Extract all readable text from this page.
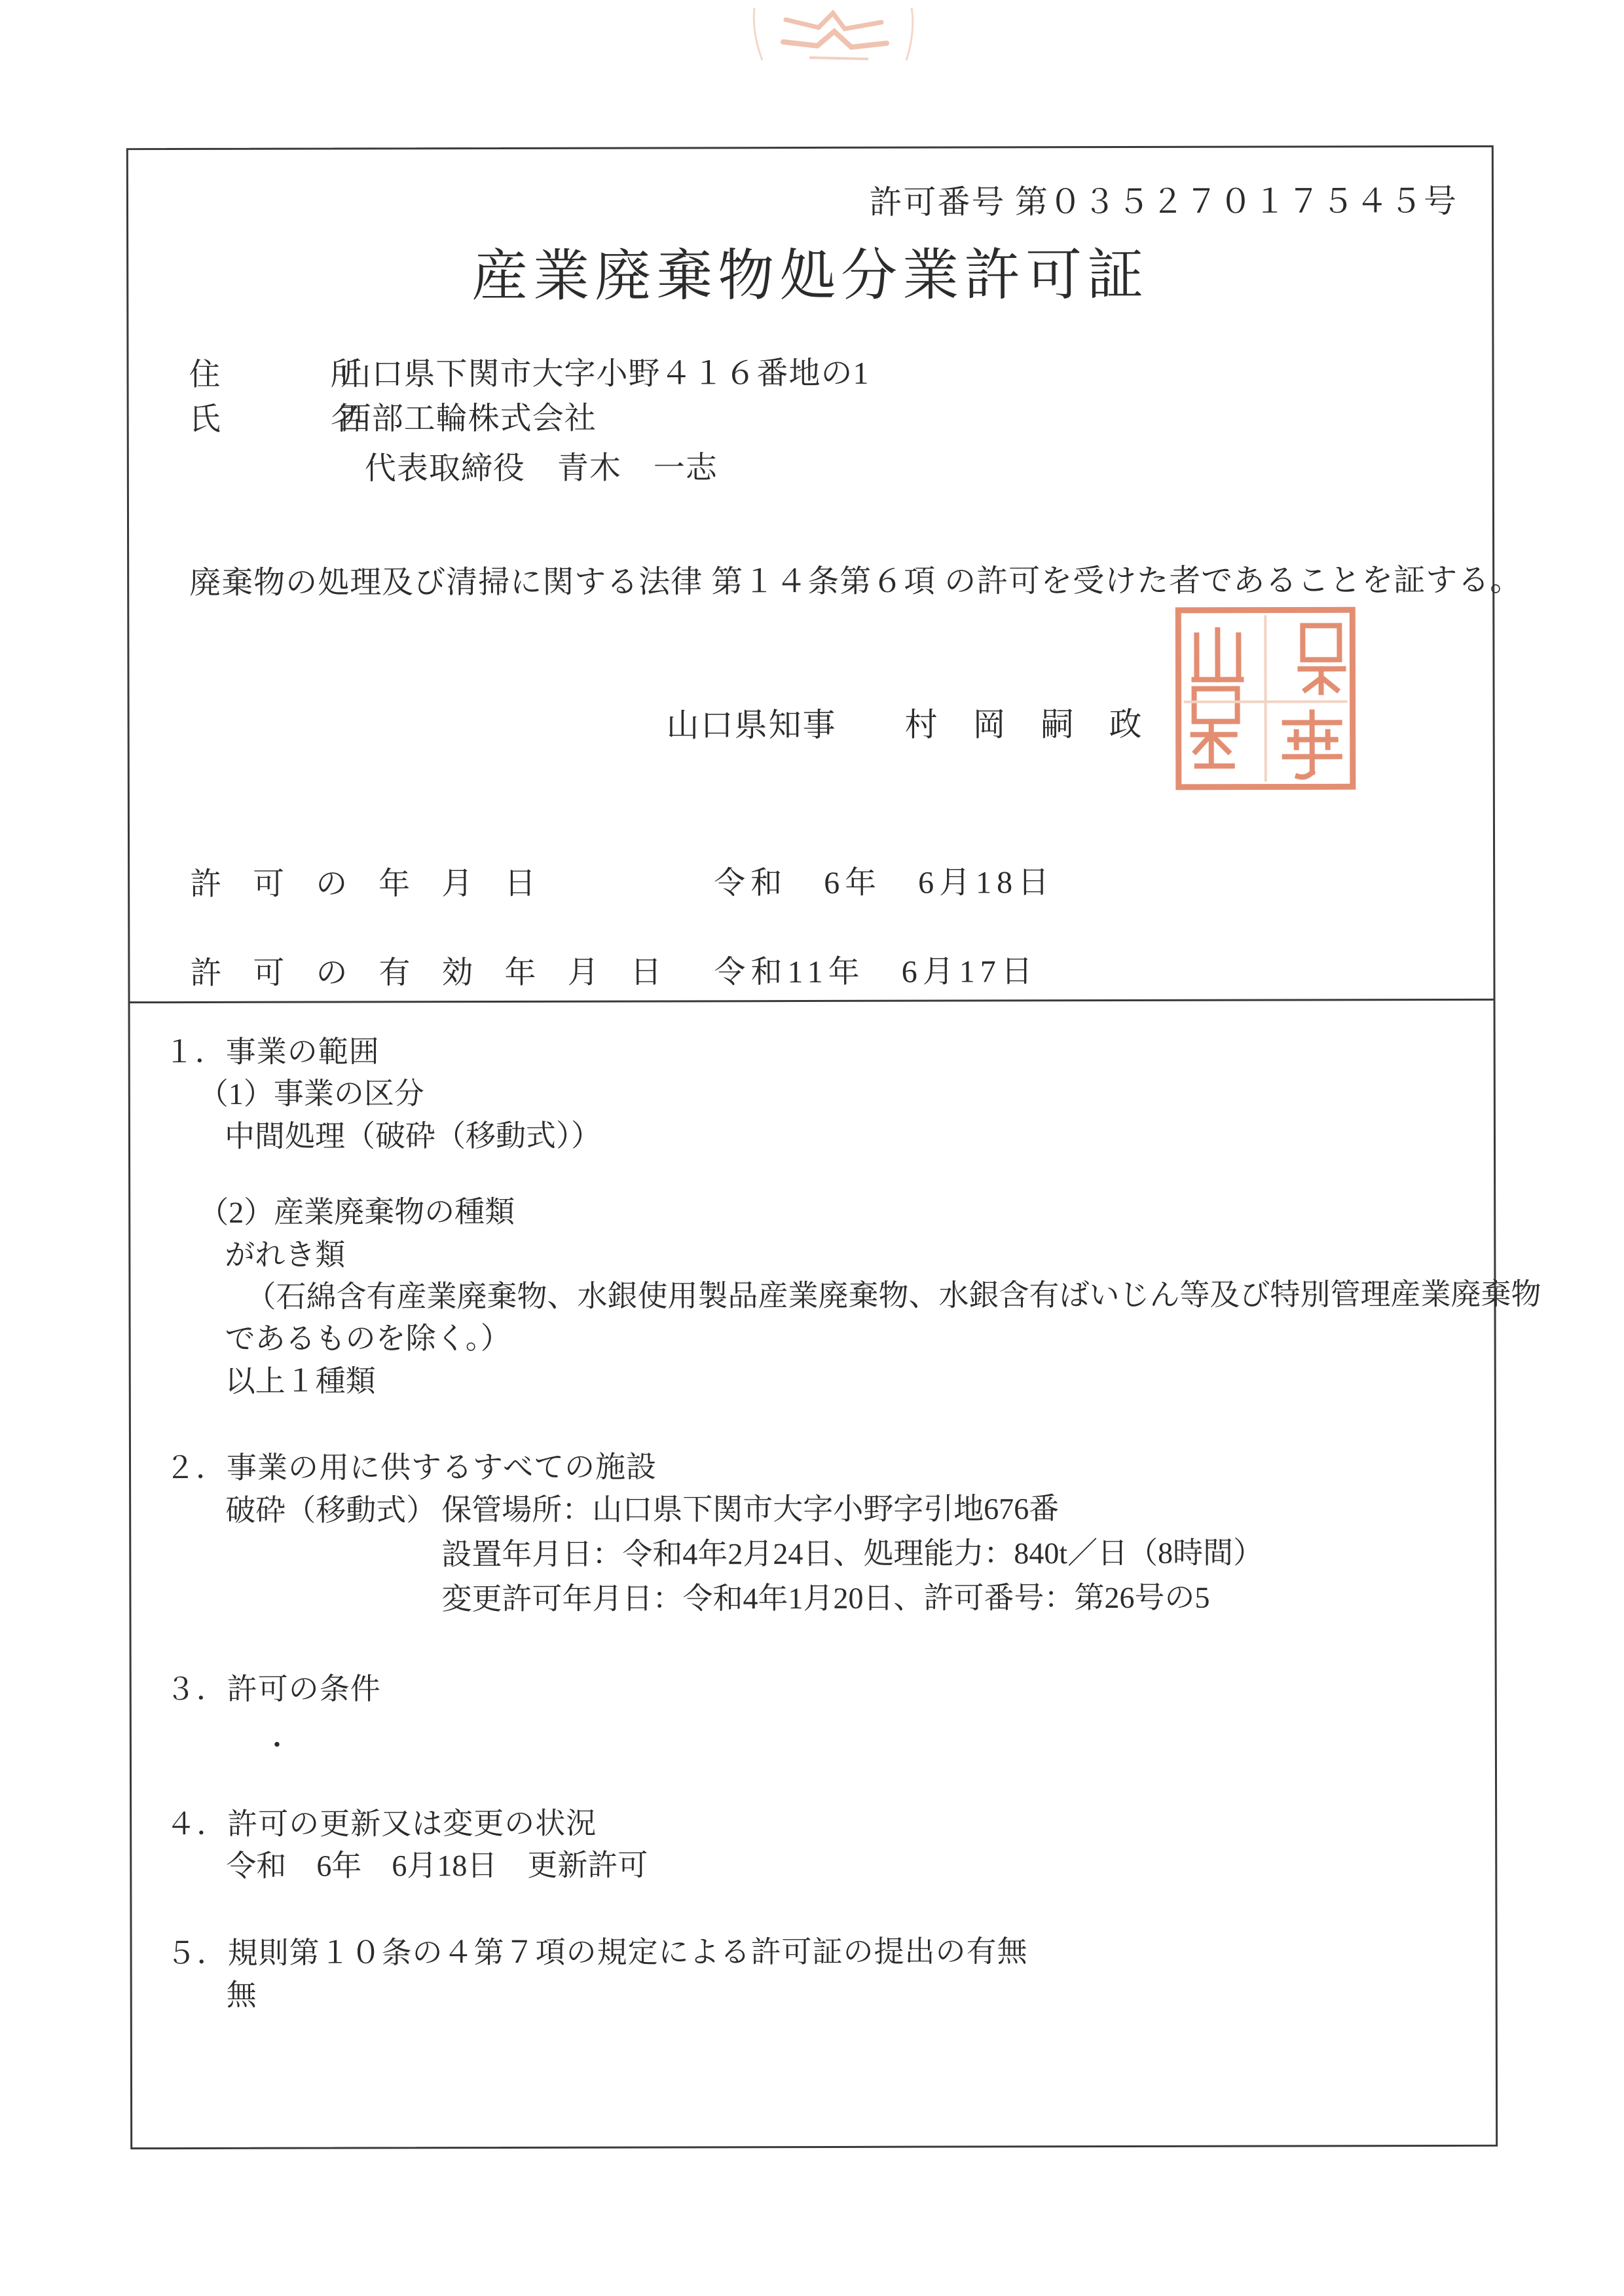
許可番号 第０３５２７０１７５４５号
産業廃棄物処分業許可証
住　　所
山口県下関市大字小野４１６番地の1
氏　　名
西部工輪株式会社
代表取締役　青木　一志
廃棄物の処理及び清掃に関する法律 第１４条第６項 の許可を受けた者であることを証する。
山口県知事　　村　岡　嗣　政
許 可 の 年 月 日	令和　6年　6月18日
許 可 の 有 効 年 月 日 令和11年　6月17日
１．事業の範囲
（1）事業の区分
中間処理（破砕（移動式））
（2）産業廃棄物の種類
がれき類
（石綿含有産業廃棄物、水銀使用製品産業廃棄物、水銀含有ばいじん等及び特別管理産業廃棄物
であるものを除く。）
以上１種類
２．事業の用に供するすべての施設
破砕（移動式） 保管場所：山口県下関市大字小野字引地676番
設置年月日：令和4年2月24日、処理能力：840t／日（8時間）
変更許可年月日：令和4年1月20日、許可番号：第26号の5
３．許可の条件
・
４．許可の更新又は変更の状況
令和　6年　6月18日　更新許可
５．規則第１０条の４第７項の規定による許可証の提出の有無
無
